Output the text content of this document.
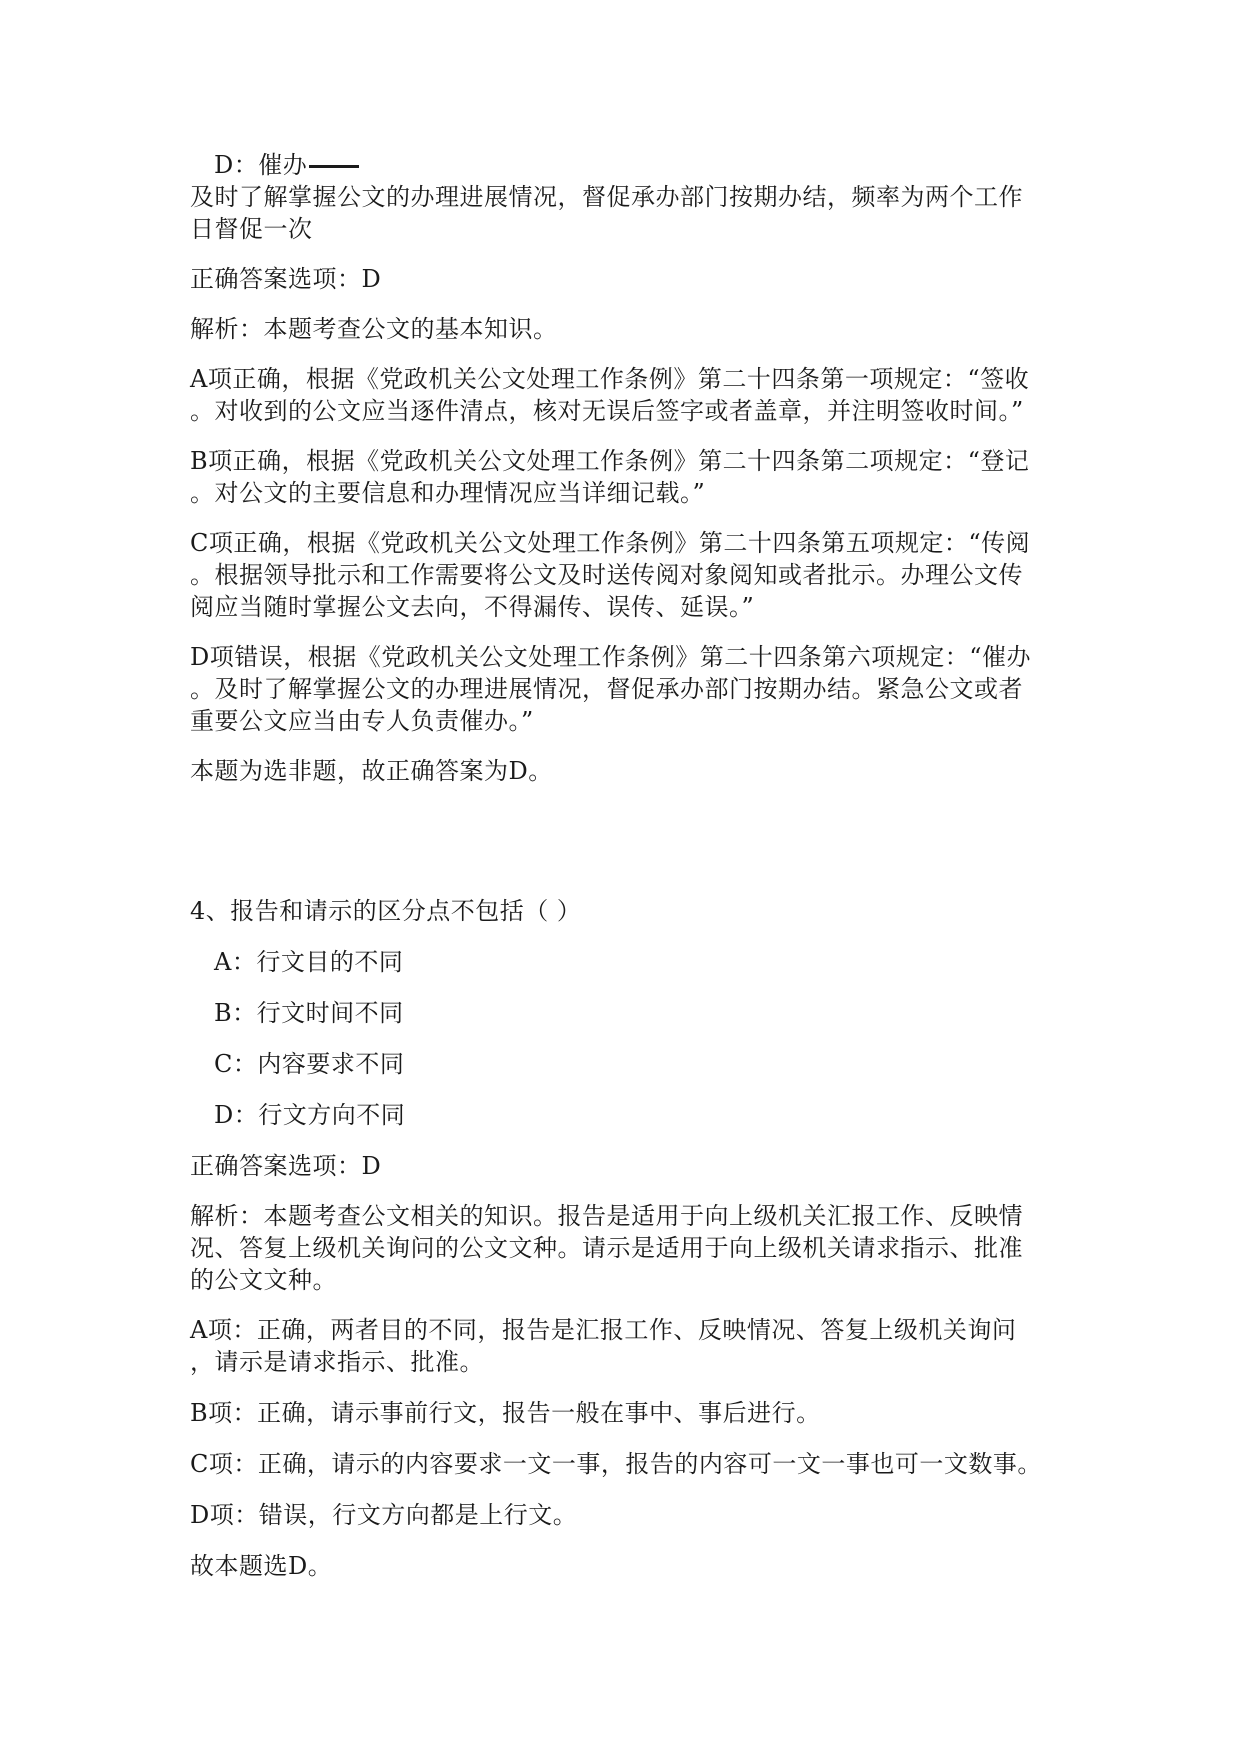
D：催办
及时了解掌握公文的办理进展情况，督促承办部门按期办结，频率为两个工作
日督促一次
正确答案选项：D
解析：本题考查公文的基本知识。
A项正确，根据《党政机关公文处理工作条例》第二十四条第一项规定：“签收
。对收到的公文应当逐件清点，核对无误后签字或者盖章，并注明签收时间。”
B项正确，根据《党政机关公文处理工作条例》第二十四条第二项规定：“登记
。对公文的主要信息和办理情况应当详细记载。”
C项正确，根据《党政机关公文处理工作条例》第二十四条第五项规定：“传阅
。根据领导批示和工作需要将公文及时送传阅对象阅知或者批示。办理公文传
阅应当随时掌握公文去向，不得漏传、误传、延误。”
D项错误，根据《党政机关公文处理工作条例》第二十四条第六项规定：“催办
。及时了解掌握公文的办理进展情况，督促承办部门按期办结。紧急公文或者
重要公文应当由专人负责催办。”
本题为选非题，故正确答案为D。
4、报告和请示的区分点不包括（ ）
A：行文目的不同
B：行文时间不同
C：内容要求不同
D：行文方向不同
正确答案选项：D
解析：本题考查公文相关的知识。报告是适用于向上级机关汇报工作、反映情
况、答复上级机关询问的公文文种。请示是适用于向上级机关请求指示、批准
的公文文种。
A项：正确，两者目的不同，报告是汇报工作、反映情况、答复上级机关询问
，请示是请求指示、批准。
B项：正确，请示事前行文，报告一般在事中、事后进行。
C项：正确，请示的内容要求一文一事，报告的内容可一文一事也可一文数事。
D项：错误，行文方向都是上行文。
故本题选D。
